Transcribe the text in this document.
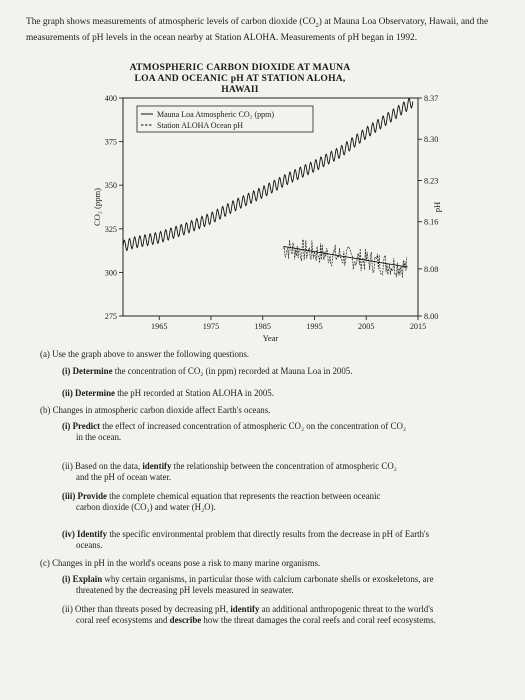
The graph shows measurements of atmospheric levels of carbon dioxide $(CO_2)$ at Mauna Loa Observatory, Hawaii, and the measurements of pH levels in the ocean nearby at Station ALOHA. Measurements of pH began in 1992.
ATMOSPHERIC CARBON DIOXIDE AT MAUNA LOA AND OCEANIC pH AT STATION ALOHA, HAWAII
275
300
325
350
375
400
8.00
8.08
8.16
8.23
8.30
8.37
1965	1975	1985	1995	2005	2015
Year
CO₂ (ppm)	pH
Mauna Loa Atmospheric CO₂ (ppm)
Station ALOHA Ocean pH
(a) Use the graph above to answer the following questions.
(i) Determine the concentration of CO₂ (in ppm) recorded at Mauna Loa in 2005.
(ii) Determine the pH recorded at Station ALOHA in 2005.
(b) Changes in atmospheric carbon dioxide affect Earth's oceans.
(i) Predict the effect of increased concentration of atmospheric CO₂ on the concentration of CO₂
in the ocean.
(ii) Based on the data, identify the relationship between the concentration of atmospheric CO₂
and the pH of ocean water.
(iii) Provide the complete chemical equation that represents the reaction between oceanic
carbon dioxide (CO₂) and water (H₂O).
(iv) Identify the specific environmental problem that directly results from the decrease in pH of Earth's
oceans.
(c) Changes in pH in the world's oceans pose a risk to many marine organisms.
(i) Explain why certain organisms, in particular those with calcium carbonate shells or exoskeletons, are
threatened by the decreasing pH levels measured in seawater.
(ii) Other than threats posed by decreasing pH, identify an additional anthropogenic threat to the world's
coral reef ecosystems and describe how the threat damages the coral reefs and coral reef ecosystems.
